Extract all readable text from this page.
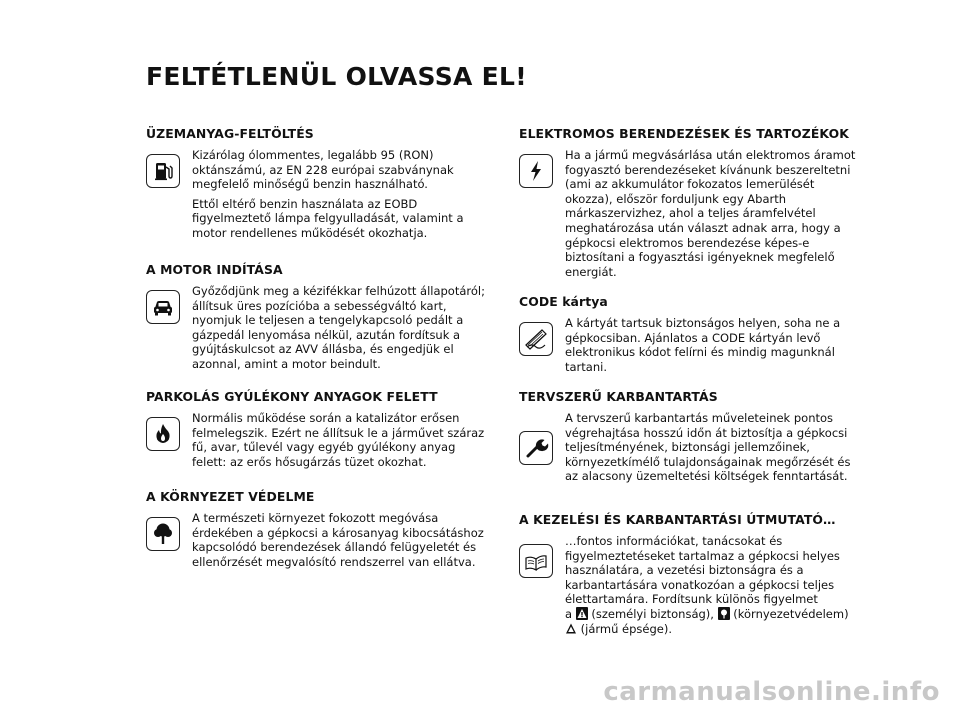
FELTÉTLENÜL OLVASSA EL!
ÜZEMANYAG-FELTÖLTÉS

Kizárólag ólommentes, legalább 95 (RON) oktánszámú, az EN 228 európai szabványnak megfelelő minőségű benzin használható.

Ettől eltérő benzin használata az EOBD figyelmeztető lámpa felgyulladását, valamint a motor rendellenes működését okozhatja.

A MOTOR INDÍTÁSA

Győződjünk meg a kézifékkar felhúzott állapotáról; állítsuk üres pozícióba a sebességváltó kart, nyomjuk le teljesen a tengelykapcsoló pedált a gázpedál lenyomása nélkül, azután fordítsuk a gyújtáskulcsot az AVV állásba, és engedjük el azonnal, amint a motor beindult.

PARKOLÁS GYÚLÉKONY ANYAGOK FELETT

Normális működése során a katalizátor erősen felmelegszik. Ezért ne állítsuk le a járművet száraz fű, avar, tűlevél vagy egyéb gyúlékony anyag felett: az erős hősugárzás tüzet okozhat.

A KÖRNYEZET VÉDELME

A természeti környezet fokozott megóvása érdekében a gépkocsi a károsanyag kibocsátáshoz kapcsolódó berendezések állandó felügyeletét és ellenőrzését megvalósító rendszerrel van ellátva.

ELEKTROMOS BERENDEZÉSEK ÉS TARTOZÉKOK

Ha a jármű megvásárlása után elektromos áramot fogyasztó berendezéseket kívánunk beszereltetni (ami az akkumulátor fokozatos lemerülését okozza), először forduljunk egy Abarth márkaszervizhez, ahol a teljes áramfelvétel meghatározása után választ adnak arra, hogy a gépkocsi elektromos berendezése képes-e biztosítani a fogyasztási igényeknek megfelelő energiát.

CODE kártya

A kártyát tartsuk biztonságos helyen, soha ne a gépkocsiban. Ajánlatos a CODE kártyán levő elektronikus kódot felírni és mindig magunknál tartani.

TERVSZERŰ KARBANTARTÁS

A tervszerű karbantartás műveleteinek pontos végrehajtása hosszú időn át biztosítja a gépkocsi teljesítményének, biztonsági jellemzőinek, környezetkímélő tulajdonságainak megőrzését és az alacsony üzemeltetési költségek fenntartását.

A KEZELÉSI ÉS KARBANTARTÁSI ÚTMUTATÓ…

…fontos információkat, tanácsokat és figyelmeztetéseket tartalmaz a gépkocsi helyes használatára, a vezetési biztonságra és a karbantartására vonatkozóan a gépkocsi teljes élettartamára. Fordítsunk különös figyelmet
a (személyi biztonság), (környezetvédelem)

(jármű épsége).

carmanualsonline.info
